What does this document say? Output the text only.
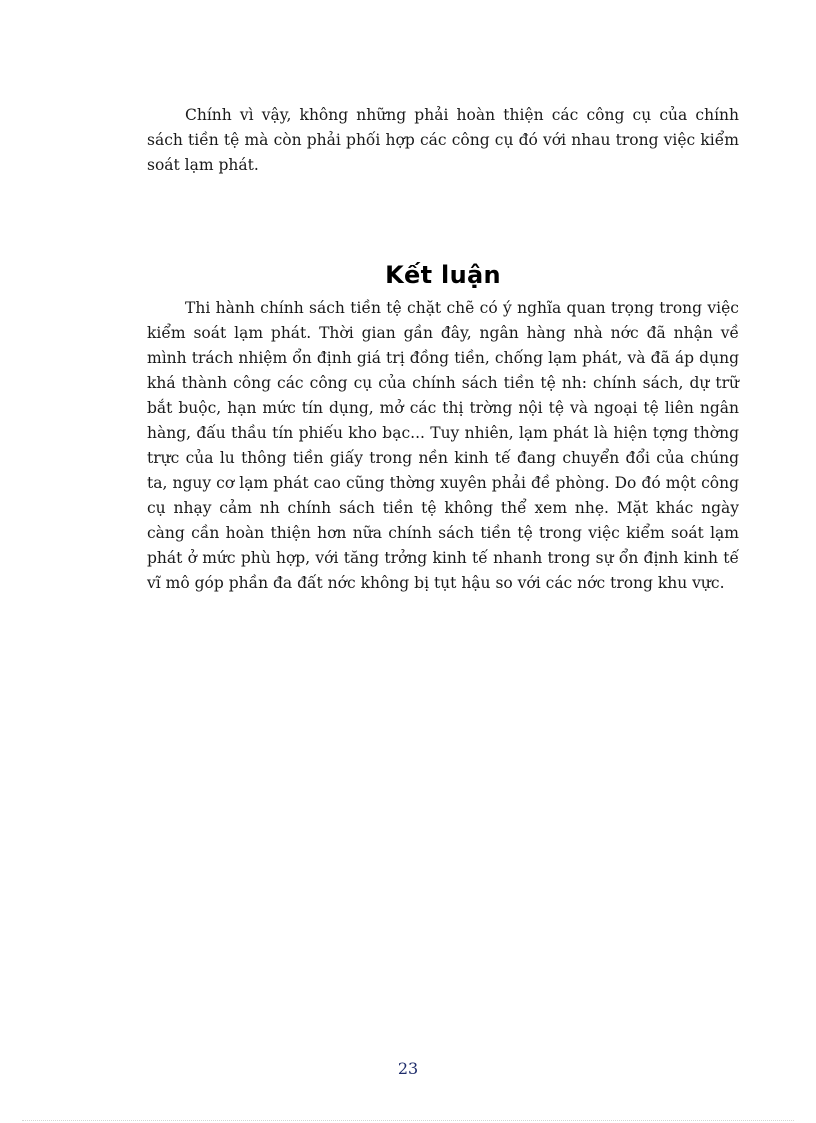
Chính vì vậy, không những phải hoàn thiện các công cụ của chính sách tiền tệ mà còn phải phối hợp các công cụ đó với nhau trong việc kiểm soát lạm phát.

Kết luận

Thi hành chính sách tiền tệ chặt chẽ có ý nghĩa quan trọng trong việc kiểm soát lạm phát. Thời gian gần đây, ngân hàng nhà nớc đã nhận về mình trách nhiệm ổn định giá trị đồng tiền, chống lạm phát, và đã áp dụng khá thành công các công cụ của chính sách tiền tệ nh: chính sách, dự trữ bắt buộc, hạn mức tín dụng, mở các thị trờng nội tệ và ngoại tệ liên ngân hàng, đấu thầu tín phiếu kho bạc... Tuy nhiên, lạm phát là hiện tợng thờng trực của lu thông tiền giấy trong nền kinh tế đang chuyển đổi của chúng ta, nguy cơ lạm phát cao cũng thờng xuyên phải đề phòng. Do đó một công cụ nhạy cảm nh chính sách tiền tệ không thể xem nhẹ. Mặt khác ngày càng cần hoàn thiện hơn nữa chính sách tiền tệ trong việc kiểm soát lạm phát ở mức phù hợp, với tăng trởng kinh tế nhanh trong sự ổn định kinh tế vĩ mô góp phần đa đất nớc không bị tụt hậu so với các nớc trong khu vực.

23
